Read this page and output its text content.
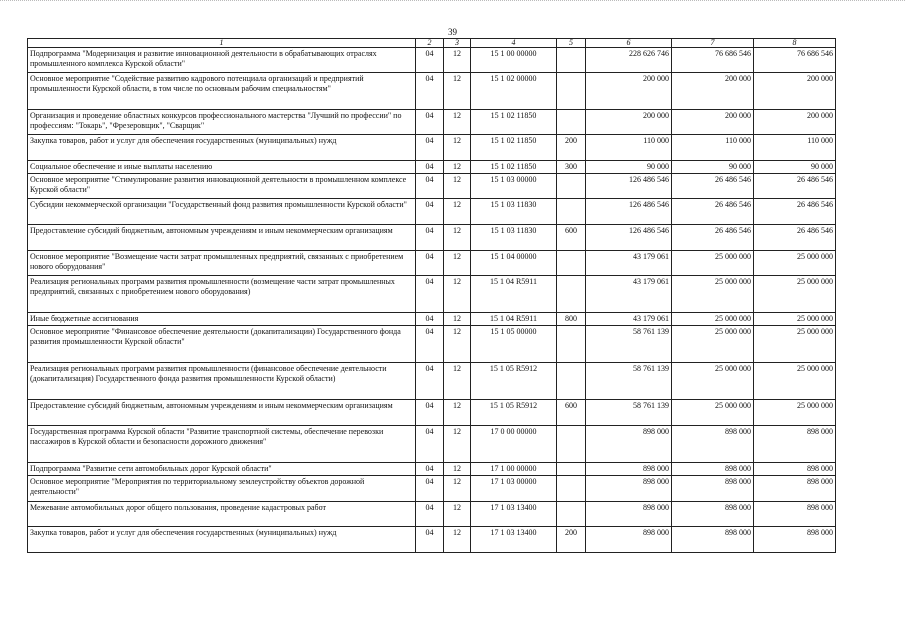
39
1	2	3	4	5	6	7	8
Подпрограмма "Модернизация и развитие инновационной деятельности в обрабатывающих отраслях промышленного комплекса Курской области"	04	12	15 1 00 00000		228 626 746	76 686 546	76 686 546
Основное мероприятие "Содействие развитию кадрового потенциала организаций и предприятий промышленности Курской области, в том числе по основным рабочим специальностям"	04	12	15 1 02 00000		200 000	200 000	200 000
Организация и проведение областных конкурсов профессионального мастерства "Лучший по профессии" по профессиям: "Токарь", "Фрезеровщик", "Сварщик"	04	12	15 1 02 11850		200 000	200 000	200 000
Закупка товаров, работ и услуг для обеспечения государственных (муниципальных) нужд	04	12	15 1 02 11850	200	110 000	110 000	110 000
Социальное обеспечение и иные выплаты населению	04	12	15 1 02 11850	300	90 000	90 000	90 000
Основное мероприятие "Стимулирование развития инновационной деятельности в промышленном комплексе Курской области"	04	12	15 1 03 00000		126 486 546	26 486 546	26 486 546
Субсидии некоммерческой организации "Государственный фонд развития промышленности Курской области"	04	12	15 1 03 11830		126 486 546	26 486 546	26 486 546
Предоставление субсидий бюджетным, автономным учреждениям и иным некоммерческим организациям	04	12	15 1 03 11830	600	126 486 546	26 486 546	26 486 546
Основное мероприятие "Возмещение части затрат промышленных предприятий, связанных с приобретением нового оборудования"	04	12	15 1 04 00000		43 179 061	25 000 000	25 000 000
Реализация региональных программ развития промышленности (возмещение части затрат промышленных предприятий, связанных с приобретением нового оборудования)	04	12	15 1 04 R5911		43 179 061	25 000 000	25 000 000
Иные бюджетные ассигнования	04	12	15 1 04 R5911	800	43 179 061	25 000 000	25 000 000
Основное мероприятие "Финансовое обеспечение деятельности (докапитализации) Государственного фонда развития промышленности Курской области"	04	12	15 1 05 00000		58 761 139	25 000 000	25 000 000
Реализация региональных программ развития промышленности (финансовое обеспечение деятельности (докапитализация) Государственного фонда развития промышленности Курской области)	04	12	15 1 05 R5912		58 761 139	25 000 000	25 000 000
Предоставление субсидий бюджетным, автономным учреждениям и иным некоммерческим организациям	04	12	15 1 05 R5912	600	58 761 139	25 000 000	25 000 000
Государственная программа Курской области "Развитие транспортной системы, обеспечение перевозки пассажиров в Курской области и безопасности дорожного движения"	04	12	17 0 00 00000		898 000	898 000	898 000
Подпрограмма "Развитие сети автомобильных дорог Курской области"	04	12	17 1 00 00000		898 000	898 000	898 000
Основное мероприятие "Мероприятия по территориальному землеустройству объектов дорожной деятельности"	04	12	17 1 03 00000		898 000	898 000	898 000
Межевание автомобильных дорог общего пользования, проведение кадастровых работ	04	12	17 1 03 13400		898 000	898 000	898 000
Закупка товаров, работ и услуг для обеспечения государственных (муниципальных) нужд	04	12	17 1 03 13400	200	898 000	898 000	898 000
